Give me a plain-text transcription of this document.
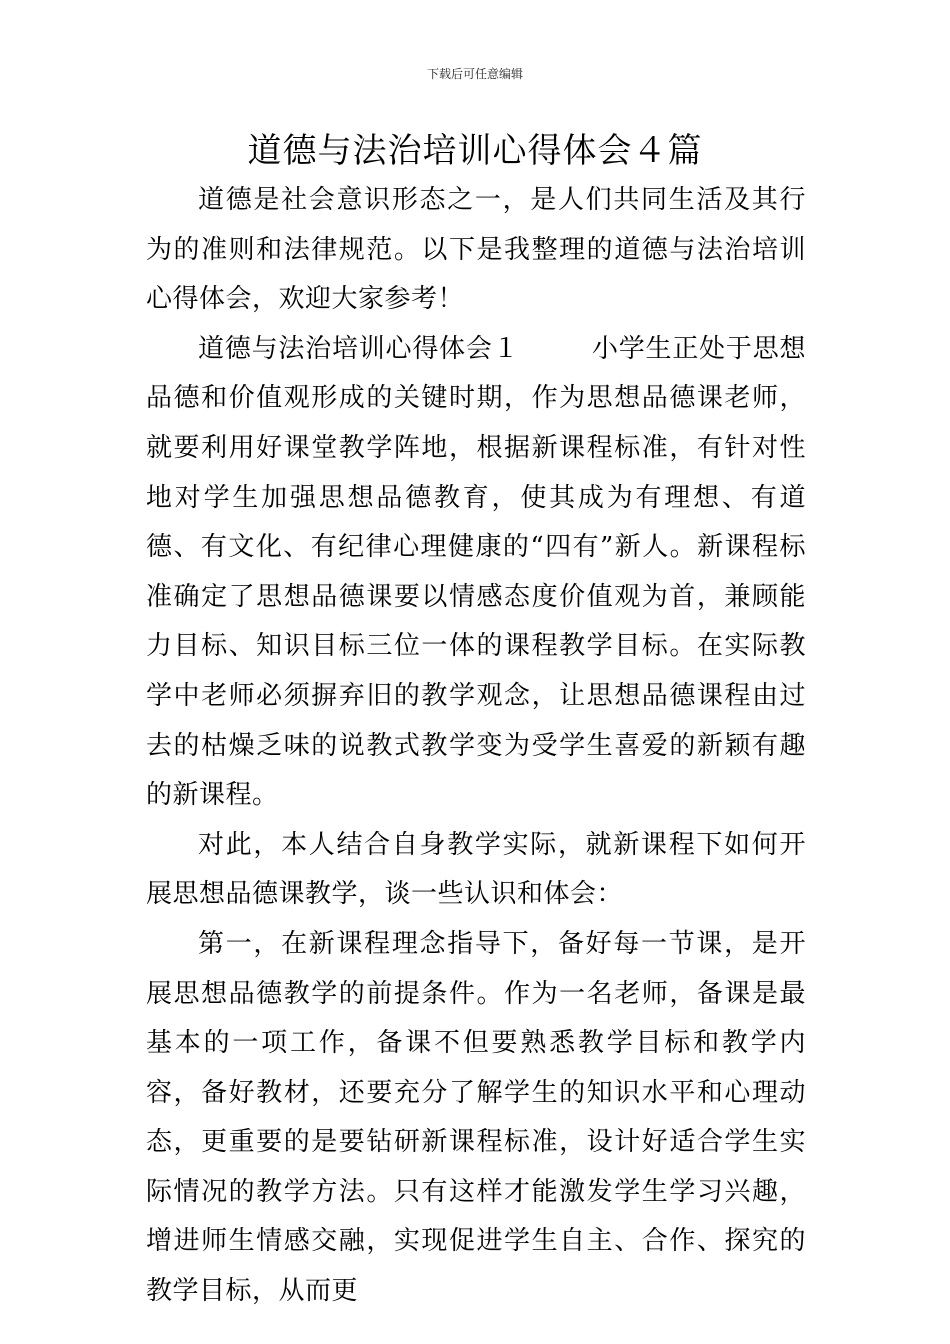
下载后可任意编辑
道德与法治培训心得体会４篇

道德是社会意识形态之一，是人们共同生活及其行为的准则和法律规范。以下是我整理的道德与法治培训心得体会，欢迎大家参考！

道德与法治培训心得体会１	小学生正处于思想品德和价值观形成的关键时期，作为思想品德课老师，就要利用好课堂教学阵地，根据新课程标准，有针对性地对学生加强思想品德教育，使其成为有理想、有道德、有文化、有纪律心理健康的“四有”新人。新课程标准确定了思想品德课要以情感态度价值观为首，兼顾能力目标、知识目标三位一体的课程教学目标。在实际教学中老师必须摒弃旧的教学观念，让思想品德课程由过去的枯燥乏味的说教式教学变为受学生喜爱的新颖有趣的新课程。

对此，本人结合自身教学实际，就新课程下如何开展思想品德课教学，谈一些认识和体会：

第一，在新课程理念指导下，备好每一节课，是开展思想品德教学的前提条件。作为一名老师，备课是最基本的一项工作，备课不但要熟悉教学目标和教学内容，备好教材，还要充分了解学生的知识水平和心理动态，更重要的是要钻研新课程标准，设计好适合学生实际情况的教学方法。只有这样才能激发学生学习兴趣，增进师生情感交融，实现促进学生自主、合作、探究的教学目标，从而更
